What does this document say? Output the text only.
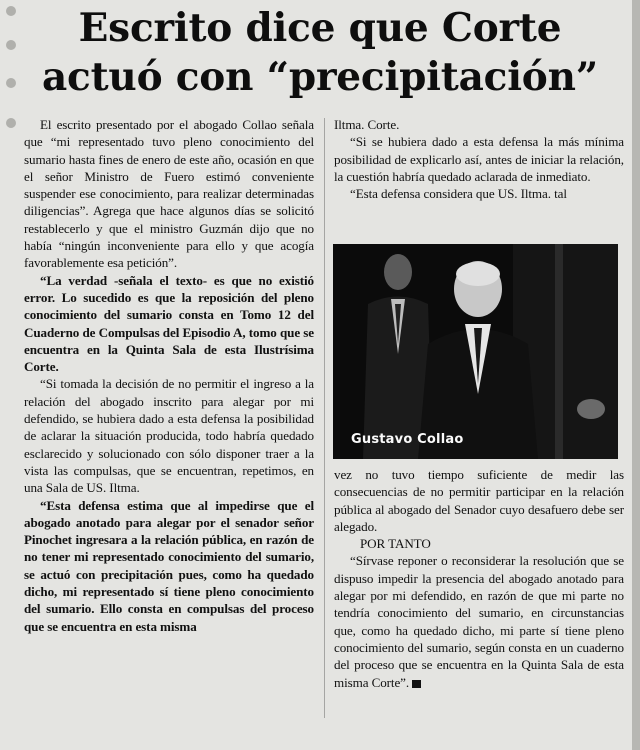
Escrito dice que Corte
actuó con “precipitación”

El escrito presentado por el abogado Collao señala que “mi representado tuvo pleno conocimiento del sumario hasta fines de enero de este año, ocasión en que el señor Ministro de Fuero estimó conveniente suspender ese conocimiento, para realizar determinadas diligencias”. Agrega que hace algunos días se solicitó restablecerlo y que el ministro Guzmán dijo que no había “ningún inconveniente para ello y que acogía favorablemente esa petición”.

“La verdad -señala el texto- es que no existió error. Lo sucedido es que la reposición del pleno conocimiento del sumario consta en Tomo 12 del Cuaderno de Compulsas del Episodio A, tomo que se encuentra en la Quinta Sala de esta Ilustrísima Corte.

“Si tomada la decisión de no permitir el ingreso a la relación del abogado inscrito para alegar por mi defendido, se hubiera dado a esta defensa la posibilidad de aclarar la situación producida, todo habría quedado esclarecido y solucionado con sólo disponer traer a la vista las compulsas, que se encuentran, repetimos, en una Sala de US. Iltma.

“Esta defensa estima que al impedirse que el abogado anotado para alegar por el senador señor Pinochet ingresara a la relación pública, en razón de no tener mi representado conocimiento del sumario, se actuó con precipitación pues, como ha quedado dicho, mi representado sí tiene pleno conocimiento del sumario. Ello consta en compulsas del proceso que se encuentra en esta misma

Iltma. Corte.

“Si se hubiera dado a esta defensa la más mínima posibilidad de explicarlo así, antes de iniciar la relación, la cuestión habría quedado aclarada de inmediato.

“Esta defensa considera que US. Iltma. tal

Gustavo Collao

vez no tuvo tiempo suficiente de medir las consecuencias de no permitir participar en la relación pública al abogado del Senador cuyo desafuero debe ser alegado.

POR TANTO

“Sírvase reponer o reconsiderar la resolución que se dispuso impedir la presencia del abogado anotado para alegar por mi defendido, en razón de que mi parte no tendría conocimiento del sumario, en circunstancias que, como ha quedado dicho, mi parte sí tiene pleno conocimiento del sumario, según consta en un cuaderno del proceso que se encuentra en la Quinta Sala de esta misma Corte”.
